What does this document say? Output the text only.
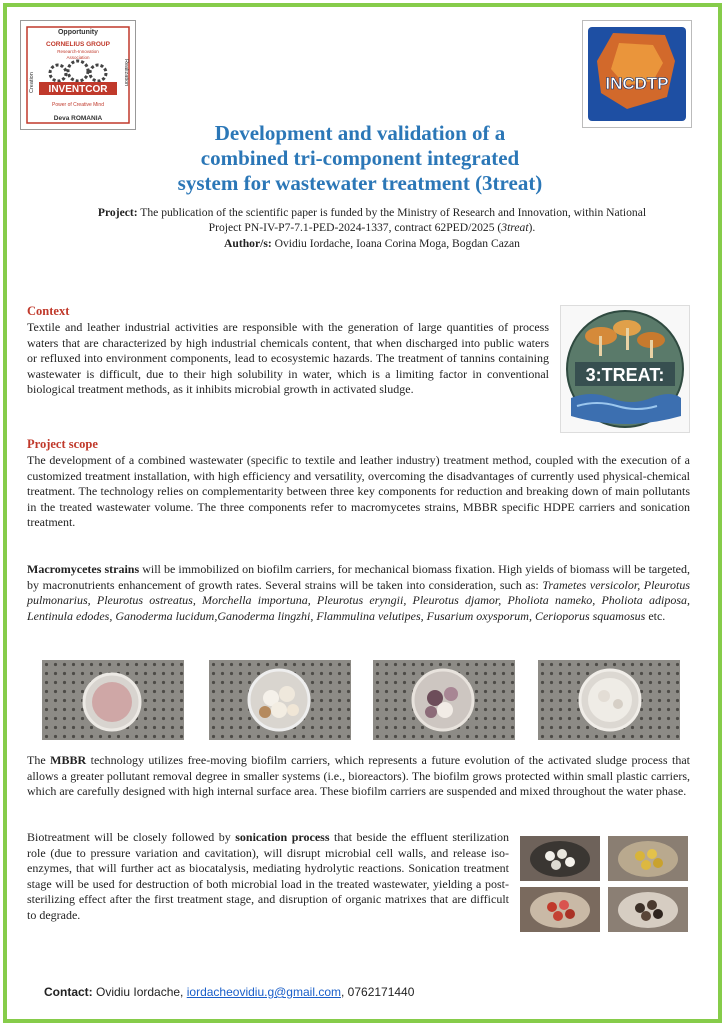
Opportunity
CORNELIUS GROUP
Research-Innovation
Association
INVENTCOR
Power of Creative Mind
Deva ROMANIA
Creation	Realization	INCDTP
Development and validation of a
combined tri-component integrated
system for wastewater treatment (3treat)
Project: The publication of the scientific paper is funded by the Ministry of Research and Innovation, within National Project PN-IV-P7-7.1-PED-2024-1337, contract 62PED/2025 (3treat).
Author/s: Ovidiu Iordache, Ioana Corina Moga, Bogdan Cazan
Context
Textile and leather industrial activities are responsible with the generation of large quantities of process waters that are characterized by high industrial chemicals content, that when discharged into public waters or refluxed into environment components, lead to ecosystemic hazards. The treatment of tannins containing wastewater is difficult, due to their high solubility in water, which is a limiting factor in conventional biological treatment methods, as it inhibits microbial growth in activated sludge.
3:TREAT:
Project scope
The development of a combined wastewater (specific to textile and leather industry) treatment method, coupled with the execution of a customized treatment installation, with high efficiency and versatility, overcoming the disadvantages of currently used physical-chemical treatment. The technology relies on complementarity between three key components for reduction and breaking down of main pollutants in the treated wastewater volume. The three components refer to macromycetes strains, MBBR specific HDPE carriers and sonication treatment.
Macromycetes strains will be immobilized on biofilm carriers, for mechanical biomass fixation. High yields of biomass will be targeted, by macronutrients enhancement of growth rates. Several strains will be taken into consideration, such as: Trametes versicolor, Pleurotus pulmonarius, Pleurotus ostreatus, Morchella importuna, Pleurotus eryngii, Pleurotus djamor, Pholiota nameko, Pholiota adiposa, Lentinula edodes, Ganoderma lucidum,Ganoderma lingzhi, Flammulina velutipes, Fusarium oxysporum, Cerioporus squamosus etc.
The MBBR technology utilizes free-moving biofilm carriers, which represents a future evolution of the activated sludge process that allows a greater pollutant removal degree in smaller systems (i.e., bioreactors). The biofilm grows protected within small plastic carriers, which are carefully designed with high internal surface area. These biofilm carriers are suspended and mixed throughout the water phase.
Biotreatment will be closely followed by sonication process that beside the effluent sterilization role (due to pressure variation and cavitation), will disrupt microbial cell walls, and release iso-enzymes, that will further act as biocatalysis, mediating hydrolytic reactions. Sonication treatment stage will be used for destruction of both microbial load in the treated wastewater, yielding a post-sterilizing effect after the first treatment stage, and disruption of organic matrixes that are difficult to degrade.
Contact: Ovidiu Iordache, iordacheovidiu.g@gmail.com, 0762171440
